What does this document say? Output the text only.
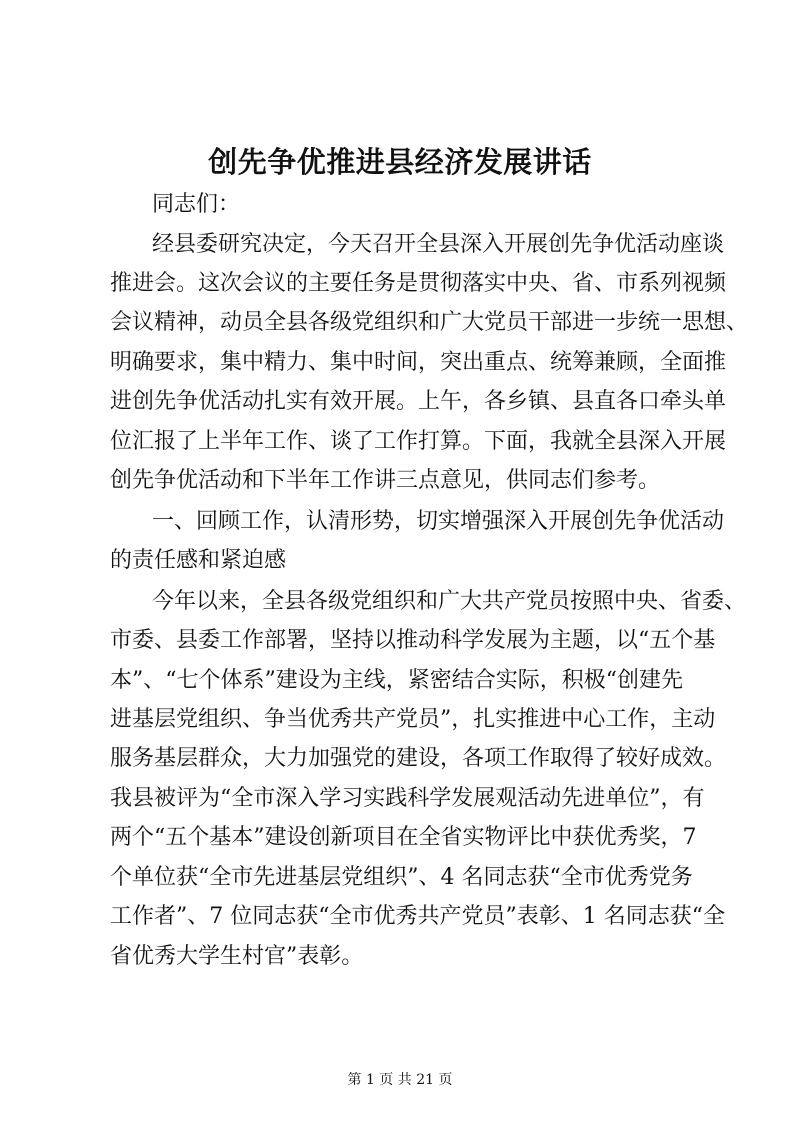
创先争优推进县经济发展讲话
同志们：
经县委研究决定，今天召开全县深入开展创先争优活动座谈
推进会。这次会议的主要任务是贯彻落实中央、省、市系列视频
会议精神，动员全县各级党组织和广大党员干部进一步统一思想、
明确要求，集中精力、集中时间，突出重点、统筹兼顾，全面推
进创先争优活动扎实有效开展。上午，各乡镇、县直各口牵头单
位汇报了上半年工作、谈了工作打算。下面，我就全县深入开展
创先争优活动和下半年工作讲三点意见，供同志们参考。
一、回顾工作，认清形势，切实增强深入开展创先争优活动
的责任感和紧迫感
今年以来，全县各级党组织和广大共产党员按照中央、省委、
市委、县委工作部署，坚持以推动科学发展为主题，以“五个基
本”、“七个体系”建设为主线，紧密结合实际，积极“创建先
进基层党组织、争当优秀共产党员”，扎实推进中心工作，主动
服务基层群众，大力加强党的建设，各项工作取得了较好成效。
我县被评为“全市深入学习实践科学发展观活动先进单位”，有
两个“五个基本”建设创新项目在全省实物评比中获优秀奖，7
个单位获“全市先进基层党组织”、4 名同志获“全市优秀党务
工作者”、7 位同志获“全市优秀共产党员”表彰、1 名同志获“全
省优秀大学生村官”表彰。
第 1 页 共 21 页
